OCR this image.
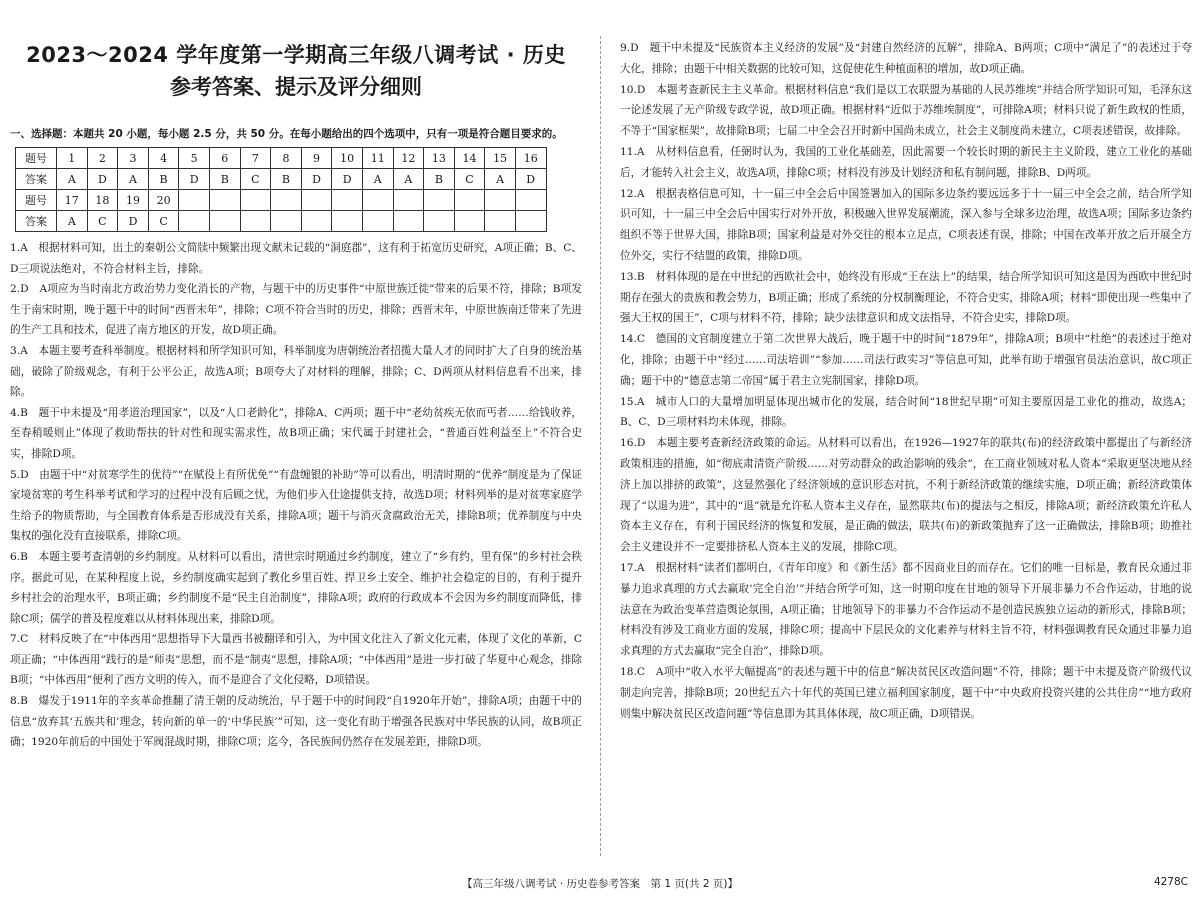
2023～2024 学年度第一学期高三年级八调考试 · 历史
参考答案、提示及评分细则
一、选择题：本题共 20 小题，每小题 2.5 分，共 50 分。在每小题给出的四个选项中，只有一项是符合题目要求的。
题号	1	2	3	4	5	6	7	8	9	10	11	12	13	14	15	16
答案	A	D	A	B	D	B	C	B	D	D	A	A	B	C	A	D
题号	17	18	19	20												
答案	A	C	D	C												

1.A　根据材料可知，出土的秦朝公文简牍中频繁出现文献未记载的“洞庭郡”，这有利于拓宽历史研究，A项正确；B、C、D三项说法绝对，不符合材料主旨，排除。

2.D　A项应为当时南北方政治势力变化消长的产物，与题干中的历史事件“中原世族迁徙”带来的后果不符，排除；B项发生于南宋时期，晚于题干中的时间“西晋末年”，排除；C项不符合当时的历史，排除；西晋末年，中原世族南迁带来了先进的生产工具和技术，促进了南方地区的开发，故D项正确。

3.A　本题主要考查科举制度。根据材料和所学知识可知，科举制度为唐朝统治者招揽大量人才的同时扩大了自身的统治基础，破除了阶级观念，有利于公平公正，故选A项；B项夸大了对材料的理解，排除；C、D两项从材料信息看不出来，排除。

4.B　题干中未提及“用孝道治理国家”，以及“人口老龄化”，排除A、C两项；题干中“老幼贫疾无依而丐者……给钱收养，至春稍暖则止”体现了救助帮扶的针对性和现实需求性，故B项正确；宋代属于封建社会，“普通百姓利益至上”不符合史实，排除D项。

5.D　由题干中“对贫寒学生的优待”“在赋役上有所优免”“有盘缠银的补助”等可以看出，明清时期的“优养”制度是为了保证家境贫寒的考生科举考试和学习的过程中没有后顾之忧，为他们步入仕途提供支持，故选D项；材料列举的是对贫寒家庭学生给予的物质帮助，与全国教育体系是否形成没有关系，排除A项；题干与消灭贪腐政治无关，排除B项；优养制度与中央集权的强化没有直接联系，排除C项。

6.B　本题主要考查清朝的乡约制度。从材料可以看出，清世宗时期通过乡约制度，建立了“乡有约，里有保”的乡村社会秩序。据此可见，在某种程度上说，乡约制度确实起到了教化乡里百姓、捍卫乡土安全、维护社会稳定的目的，有利于提升乡村社会的治理水平，B项正确；乡约制度不是“民主自治制度”，排除A项；政府的行政成本不会因为乡约制度而降低，排除C项；儒学的普及程度难以从材料体现出来，排除D项。

7.C　材料反映了在“中体西用”思想指导下大量西书被翻译和引入，为中国文化注入了新文化元素，体现了文化的革新，C项正确；“中体西用”践行的是“师夷”思想，而不是“制夷”思想，排除A项；“中体西用”是进一步打破了华夏中心观念，排除B项；“中体西用”便利了西方文明的传入，而不是迎合了文化侵略，D项错误。

8.B　爆发于1911年的辛亥革命推翻了清王朝的反动统治，早于题干中的时间段“自1920年开始”，排除A项；由题干中的信息“放弃其‘五族共和’理念，转向新的单一的‘中华民族’”可知，这一变化有助于增强各民族对中华民族的认同，故B项正确；1920年前后的中国处于军阀混战时期，排除C项；迄今，各民族间仍然存在发展差距，排除D项。

9.D　题干中未提及“民族资本主义经济的发展”及“封建自然经济的瓦解”，排除A、B两项；C项中“满足了”的表述过于夸大化，排除；由题干中相关数据的比较可知，这促使花生种植面积的增加，故D项正确。

10.D　本题考查新民主主义革命。根据材料信息“我们是以工农联盟为基础的人民苏维埃”并结合所学知识可知，毛泽东这一论述发展了无产阶级专政学说，故D项正确。根据材料“近似于苏维埃制度”，可排除A项；材料只说了新生政权的性质，不等于“国家框架”，故排除B项；七届二中全会召开时新中国尚未成立，社会主义制度尚未建立，C项表述错误，故排除。

11.A　从材料信息看，任弼时认为，我国的工业化基础差，因此需要一个较长时期的新民主主义阶段，建立工业化的基础后，才能转入社会主义，故选A项，排除C项；材料没有涉及计划经济和私有制问题，排除B、D两项。

12.A　根据表格信息可知，十一届三中全会后中国签署加入的国际多边条约要远远多于十一届三中全会之前，结合所学知识可知，十一届三中全会后中国实行对外开放，积极融入世界发展潮流，深入参与全球多边治理，故选A项；国际多边条约组织不等于世界大国，排除B项；国家利益是对外交往的根本立足点，C项表述有误，排除；中国在改革开放之后开展全方位外交，实行不结盟的政策，排除D项。

13.B　材料体现的是在中世纪的西欧社会中，始终没有形成“王在法上”的结果，结合所学知识可知这是因为西欧中世纪时期存在强大的贵族和教会势力，B项正确；形成了系统的分权制衡理论，不符合史实，排除A项；材料“即使出现一些集中了强大王权的国王”，C项与材料不符，排除；缺少法律意识和成文法指导，不符合史实，排除D项。

14.C　德国的文官制度建立于第二次世界大战后，晚于题干中的时间“1879年”，排除A项；B项中“杜绝”的表述过于绝对化，排除；由题干中“经过……司法培训”“参加……司法行政实习”等信息可知，此举有助于增强官员法治意识，故C项正确；题干中的“德意志第二帝国”属于君主立宪制国家，排除D项。

15.A　城市人口的大量增加明显体现出城市化的发展，结合时间“18世纪早期”可知主要原因是工业化的推动，故选A；B、C、D三项材料均未体现，排除。

16.D　本题主要考查新经济政策的命运。从材料可以看出，在1926—1927年的联共(布)的经济政策中都提出了与新经济政策相违的措施，如“彻底肃清资产阶级……对劳动群众的政治影响的残余”，在工商业领域对私人资本“采取更坚决地从经济上加以排挤的政策”，这显然强化了经济领域的意识形态对抗，不利于新经济政策的继续实施，D项正确；新经济政策体现了“以退为进”，其中的“退”就是允许私人资本主义存在，显然联共(布)的提法与之相反，排除A项；新经济政策允许私人资本主义存在，有利于国民经济的恢复和发展，是正确的做法，联共(布)的新政策抛弃了这一正确做法，排除B项；助推社会主义建设并不一定要排挤私人资本主义的发展，排除C项。

17.A　根据材料“读者们都明白，《青年印度》和《新生活》都不因商业目的而存在。它们的唯一目标是，教育民众通过非暴力追求真理的方式去赢取‘完全自治’”并结合所学可知，这一时期印度在甘地的领导下开展非暴力不合作运动，甘地的说法意在为政治变革营造舆论氛围，A项正确；甘地领导下的非暴力不合作运动不是创造民族独立运动的新形式，排除B项；材料没有涉及工商业方面的发展，排除C项；提高中下层民众的文化素养与材料主旨不符，材料强调教育民众通过非暴力追求真理的方式去赢取“完全自治”，排除D项。

18.C　A项中“收入水平大幅提高”的表述与题干中的信息“解决贫民区改造问题”不符，排除；题干中未提及资产阶级代议制走向完善，排除B项；20世纪五六十年代的英国已建立福利国家制度，题干中“中央政府投资兴建的公共住房”“地方政府则集中解决贫民区改造问题”等信息即为其具体体现，故C项正确，D项错误。

【高三年级八调考试 · 历史卷参考答案　第 1 页(共 2 页)】	4278C
